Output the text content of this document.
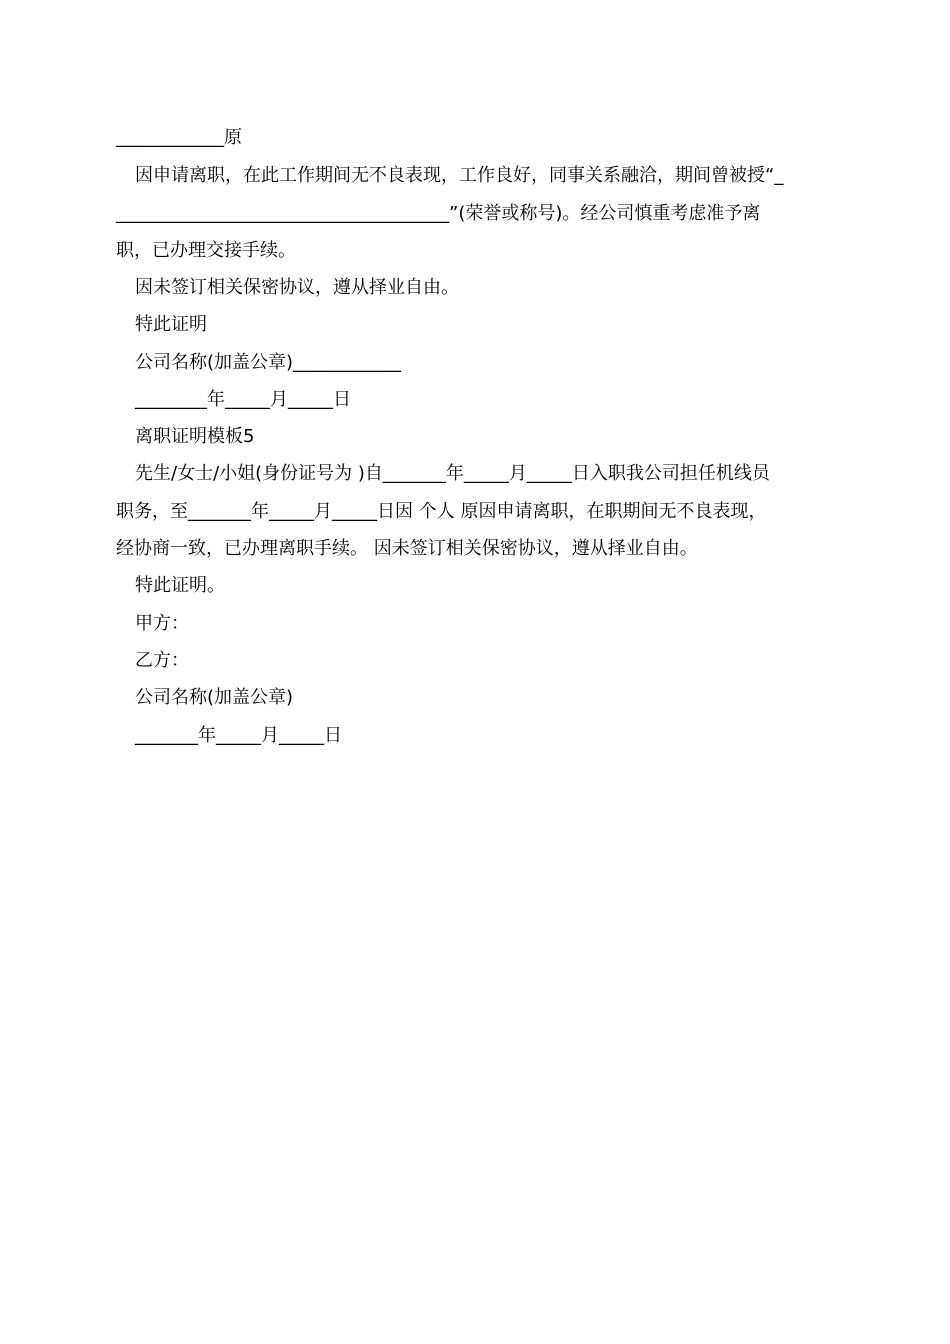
____________原
因申请离职，在此工作期间无不良表现，工作良好，同事关系融洽，期间曾被授“_
_____________________________________”(荣誉或称号)。经公司慎重考虑准予离
职，已办理交接手续。
因未签订相关保密协议，遵从择业自由。
特此证明
公司名称(加盖公章)____________
________年_____月_____日
离职证明模板5
先生/女士/小姐(身份证号为 )自_______年_____月_____日入职我公司担任机线员
职务，至_______年_____月_____日因 个人 原因申请离职，在职期间无不良表现，
经协商一致，已办理离职手续。 因未签订相关保密协议，遵从择业自由。
特此证明。
甲方：
乙方：
公司名称(加盖公章)
_______年_____月_____日
